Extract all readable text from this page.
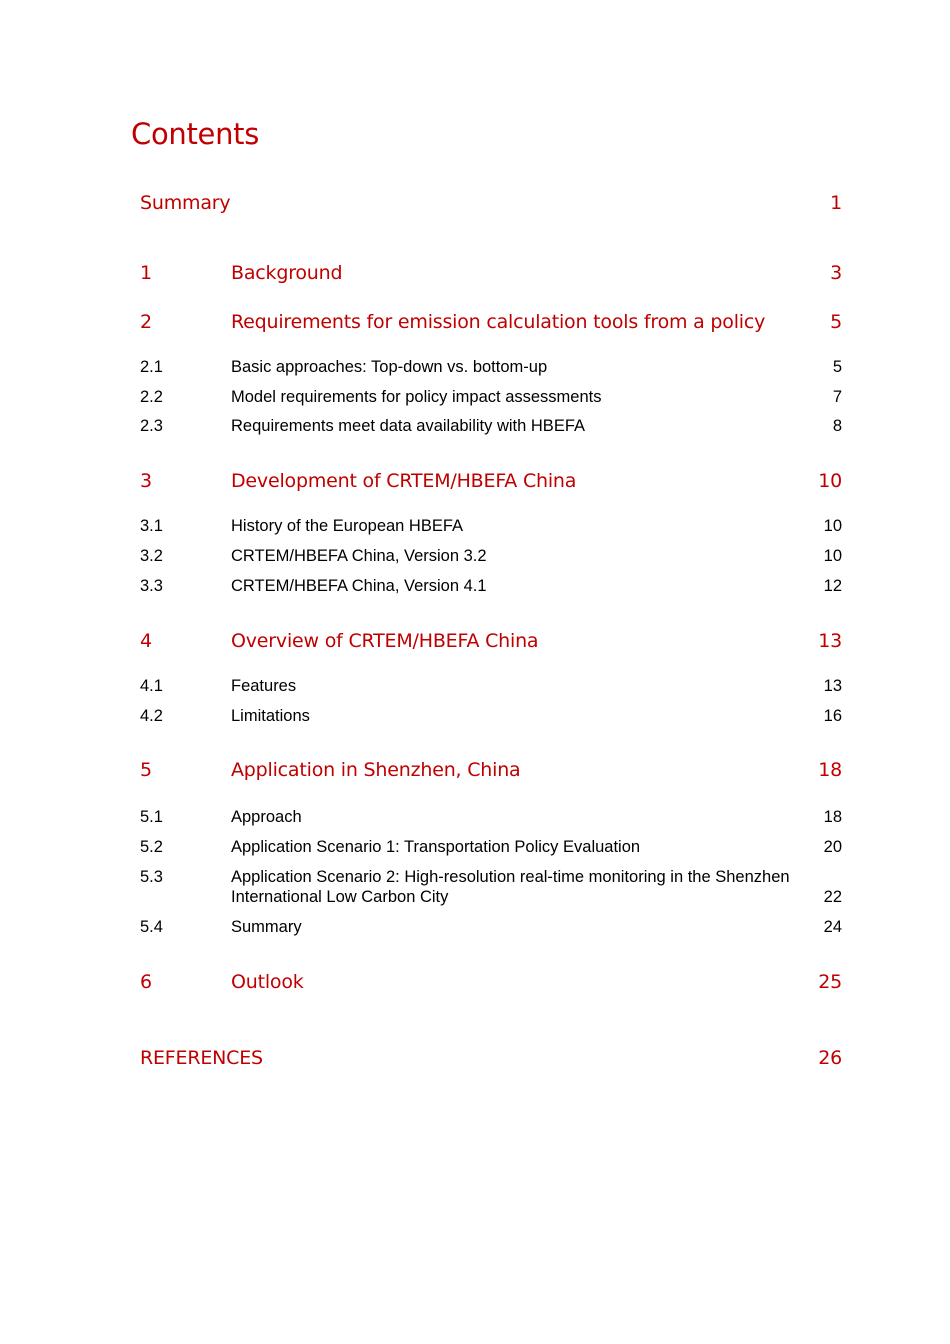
Contents
Summary	1
1	Background	3
2	Requirements for emission calculation tools from a policy	5
2.1	Basic approaches: Top-down vs. bottom-up	5
2.2	Model requirements for policy impact assessments	7
2.3	Requirements meet data availability with HBEFA	8
3	Development of CRTEM/HBEFA China	10
3.1	History of the European HBEFA	10
3.2	CRTEM/HBEFA China, Version 3.2	10
3.3	CRTEM/HBEFA China, Version 4.1	12
4	Overview of CRTEM/HBEFA China	13
4.1	Features	13
4.2	Limitations	16
5	Application in Shenzhen, China	18
5.1	Approach	18
5.2	Application Scenario 1: Transportation Policy Evaluation	20
5.3	Application Scenario 2: High-resolution real-time monitoring in the Shenzhen International Low Carbon City	22
5.4	Summary	24
6	Outlook	25
REFERENCES	26
